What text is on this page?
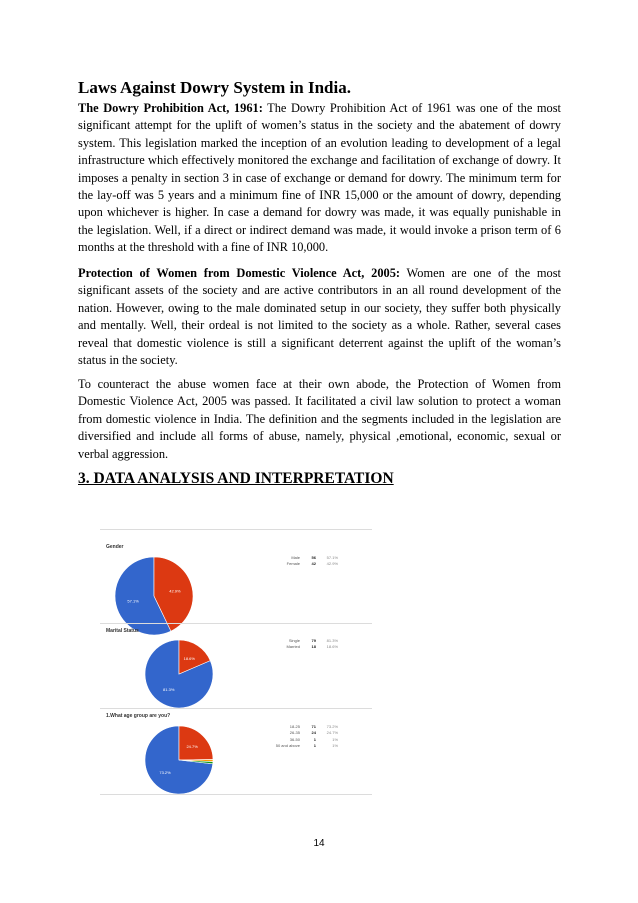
Laws Against Dowry System in India.

The Dowry Prohibition Act, 1961: The Dowry Prohibition Act of 1961 was one of the most significant attempt for the uplift of women’s status in the society and the abatement of dowry system. This legislation marked the inception of an evolution leading to development of a legal infrastructure which effectively monitored the exchange and facilitation of exchange of dowry. It imposes a penalty in section 3 in case of exchange or demand for dowry. The minimum term for the lay-off was 5 years and a minimum fine of INR 15,000 or the amount of dowry, depending upon whichever is higher. In case a demand for dowry was made, it was equally punishable in the legislation. Well, if a direct or indirect demand was made, it would invoke a prison term of 6 months at the threshold with a fine of INR 10,000.

Protection of Women from Domestic Violence Act, 2005: Women are one of the most significant assets of the society and are active contributors in an all round development of the nation. However, owing to the male dominated setup in our society, they suffer both physically and mentally. Well, their ordeal is not limited to the society as a whole. Rather, several cases reveal that domestic violence is still a significant deterrent against the uplift of the woman’s status in the society.

To counteract the abuse women face at their own abode, the Protection of Women from Domestic Violence Act, 2005 was passed. It facilitated a civil law solution to protect a woman from domestic violence in India. The definition and the segments included in the legislation are diversified and include all forms of abuse, namely, physical ,emotional, economic, sexual or verbal aggression.

3. DATA ANALYSIS AND INTERPRETATION
Gender
57.1%
42.9%
Male	56	57.1%
Female	42	42.9%
Marital Status
81.3%
18.6%
Single	79	81.3%
Married	18	18.6%
1.What age group are you?
73.2%
24.7%
18-25	71	73.2%
26-35	24	24.7%
36-50	1	1%
50 and above	1	1%
14
